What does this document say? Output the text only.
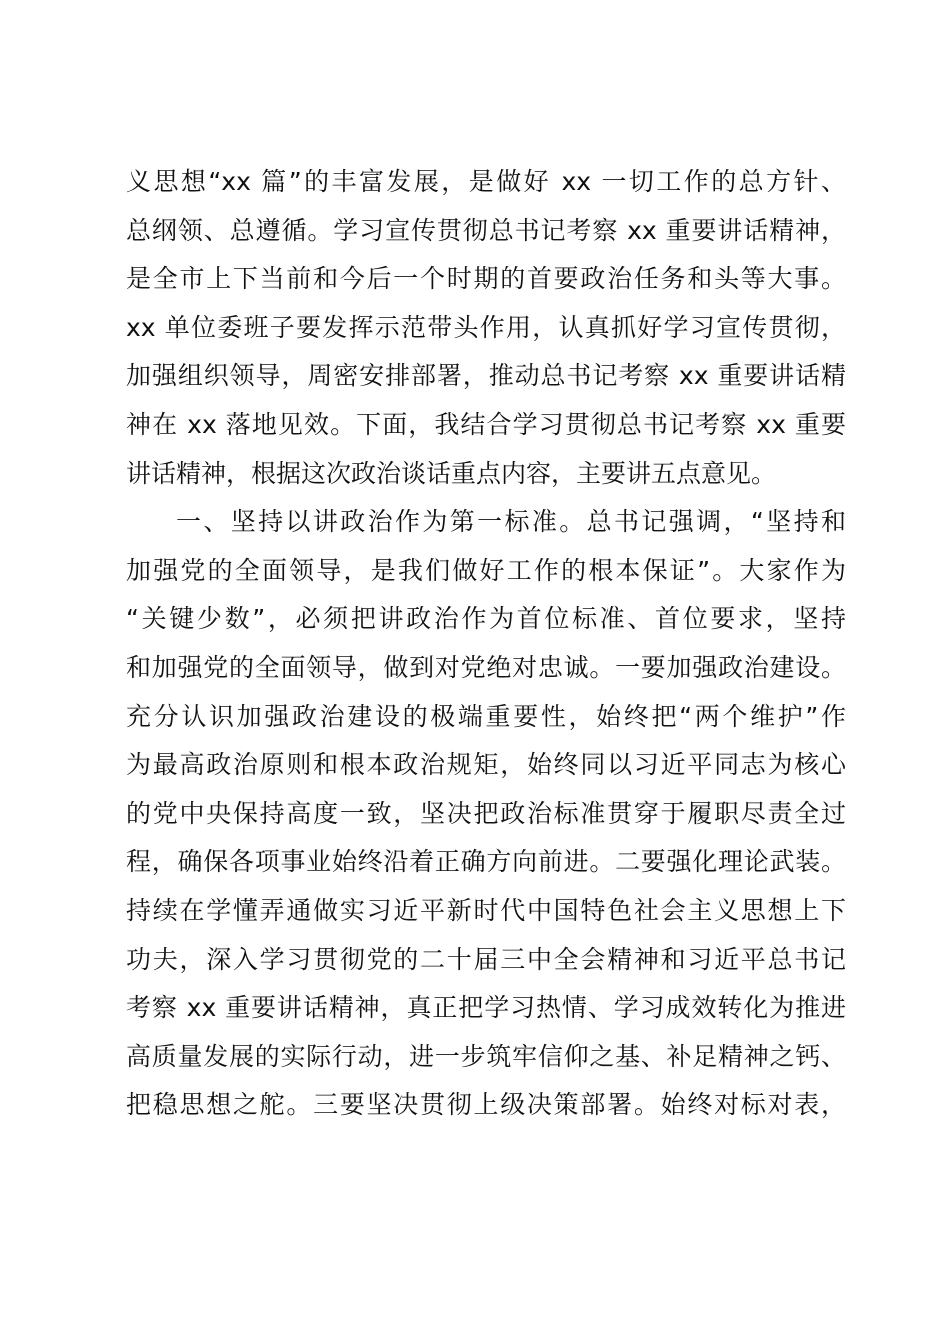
义思想“xx 篇”的丰富发展，是做好 xx 一切工作的总方针、
总纲领、总遵循。学习宣传贯彻总书记考察 xx 重要讲话精神，
是全市上下当前和今后一个时期的首要政治任务和头等大事。
xx 单位委班子要发挥示范带头作用，认真抓好学习宣传贯彻，
加强组织领导，周密安排部署，推动总书记考察 xx 重要讲话精
神在 xx 落地见效。下面，我结合学习贯彻总书记考察 xx 重要
讲话精神，根据这次政治谈话重点内容，主要讲五点意见。
一、坚持以讲政治作为第一标准。总书记强调，“坚持和
加强党的全面领导，是我们做好工作的根本保证”。大家作为
“关键少数”，必须把讲政治作为首位标准、首位要求，坚持
和加强党的全面领导，做到对党绝对忠诚。一要加强政治建设。
充分认识加强政治建设的极端重要性，始终把“两个维护”作
为最高政治原则和根本政治规矩，始终同以习近平同志为核心
的党中央保持高度一致，坚决把政治标准贯穿于履职尽责全过
程，确保各项事业始终沿着正确方向前进。二要强化理论武装。
持续在学懂弄通做实习近平新时代中国特色社会主义思想上下
功夫，深入学习贯彻党的二十届三中全会精神和习近平总书记
考察 xx 重要讲话精神，真正把学习热情、学习成效转化为推进
高质量发展的实际行动，进一步筑牢信仰之基、补足精神之钙、
把稳思想之舵。三要坚决贯彻上级决策部署。始终对标对表，
